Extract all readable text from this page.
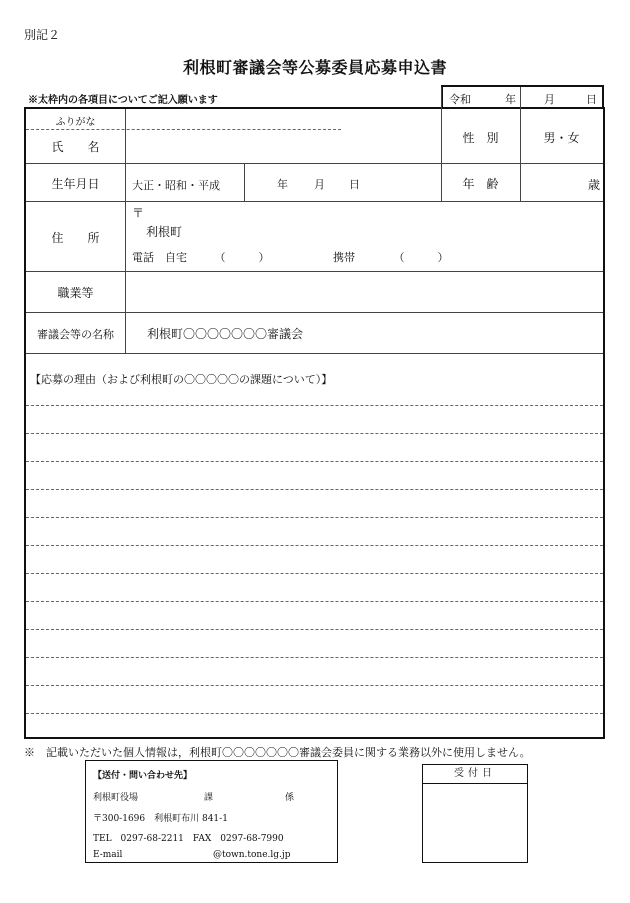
別記２
利根町審議会等公募委員応募申込書
※太枠内の各項目についてご記入願います	令和	年	月	日
ふりがな
氏　　名
性　別	男・女
生年月日	大正・昭和・平成	年 月 日	年　齢	歳
住　　所
〒
利根町
電話　自宅　　　（　　　）	携帯　　　　（　　　）
職業等
審議会等の名称	利根町〇〇〇〇〇〇〇審議会
【応募の理由（および利根町の〇〇〇〇〇の課題について）】
※　記載いただいた個人情報は，利根町〇〇〇〇〇〇〇審議会委員に関する業務以外に使用しません。
【送付・問い合わせ先】
利根町役場	課	係
〒300-1696　利根町布川 841-1
TEL　0297-68-2211　FAX　0297-68-7990
E-mail	@town.tone.lg.jp
受付日
